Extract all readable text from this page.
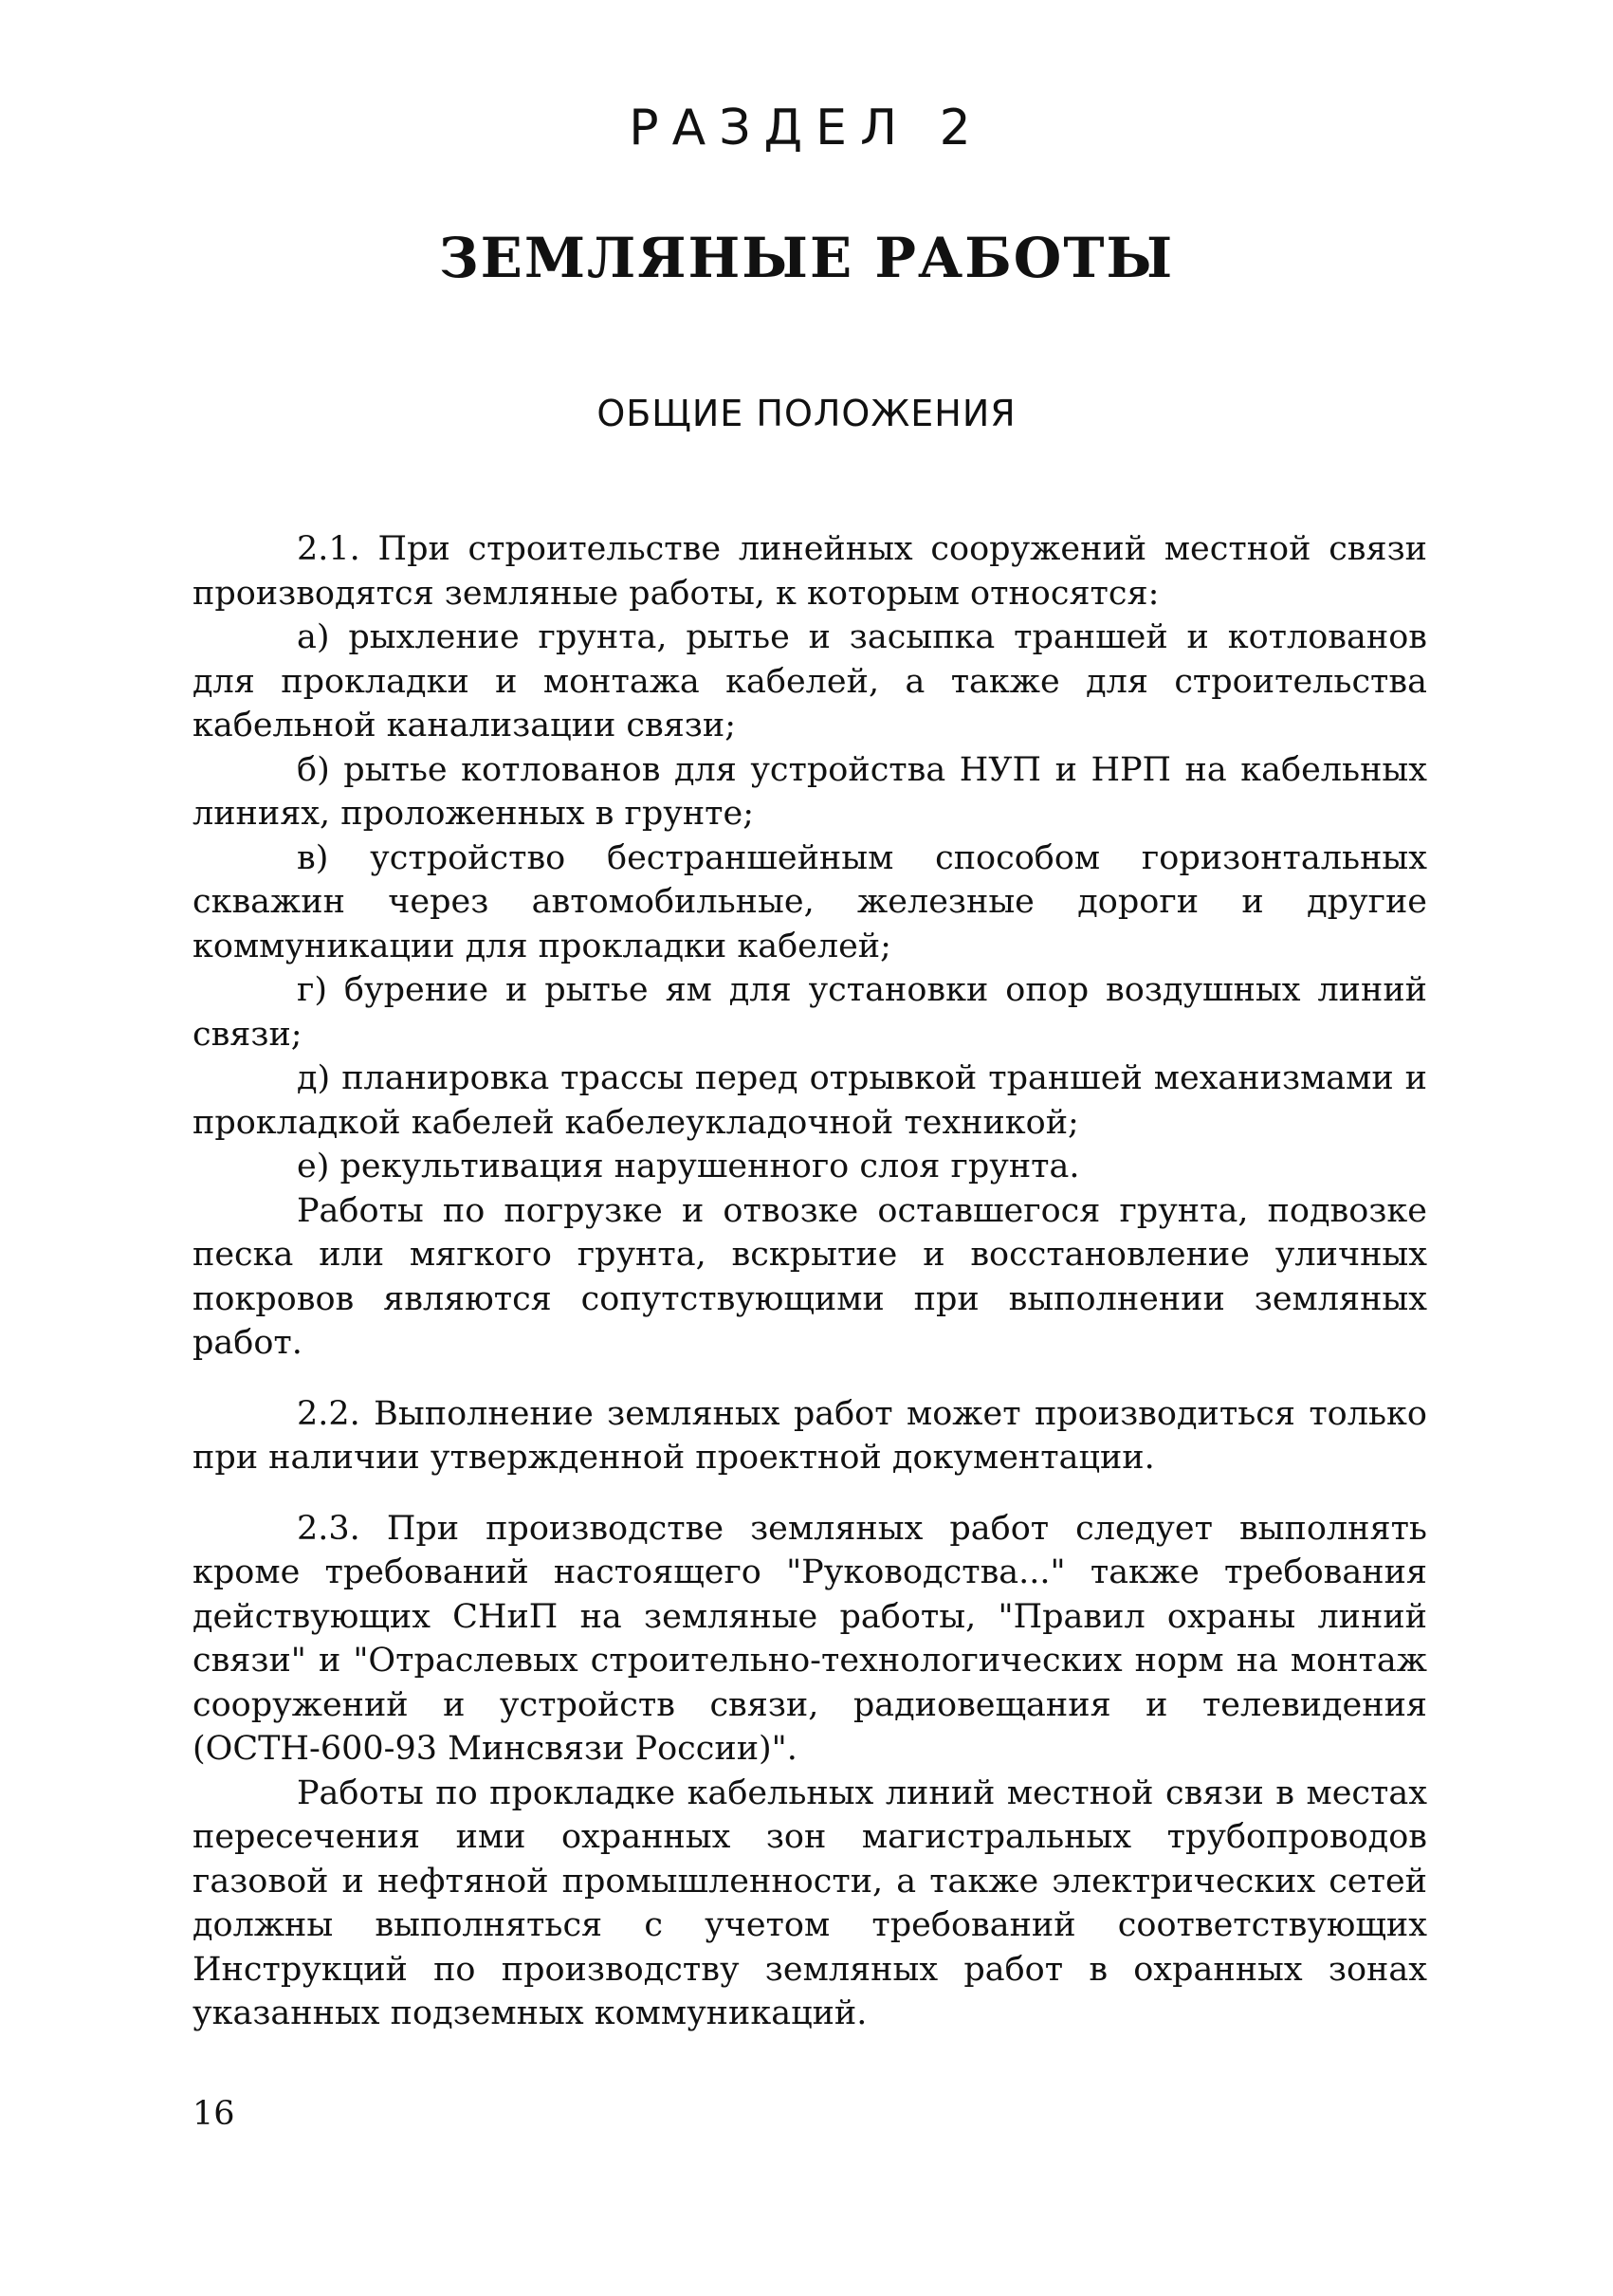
РАЗДЕЛ 2
ЗЕМЛЯНЫЕ РАБОТЫ
ОБЩИЕ ПОЛОЖЕНИЯ

2.1. При строительстве линейных сооружений местной связи производятся земляные работы, к которым относятся:

а) рыхление грунта, рытье и засыпка траншей и котлованов для прокладки и монтажа кабелей, а также для строительства кабельной канализации связи;

б) рытье котлованов для устройства НУП и НРП на кабельных линиях, проложенных в грунте;

в) устройство бестраншейным способом горизонтальных скважин через автомобильные, железные дороги и другие коммуникации для прокладки кабелей;

г) бурение и рытье ям для установки опор воздушных линий связи;

д) планировка трассы перед отрывкой траншей механизмами и прокладкой кабелей кабелеукладочной техникой;

е) рекультивация нарушенного слоя грунта.

Работы по погрузке и отвозке оставшегося грунта, подвозке песка или мягкого грунта, вскрытие и восстановление уличных покровов являются сопутствующими при выполнении земляных работ.

2.2. Выполнение земляных работ может производиться только при наличии утвержденной проектной документации.

2.3. При производстве земляных работ следует выполнять кроме требований настоящего "Руководства..." также требования действующих СНиП на земляные работы, "Правил охраны линий связи" и "Отраслевых строительно-технологических норм на монтаж сооружений и устройств связи, радиовещания и телевидения (ОСТН-600-93 Минсвязи России)".

Работы по прокладке кабельных линий местной связи в местах пересечения ими охранных зон магистральных трубопроводов газовой и нефтяной промышленности, а также электрических сетей должны выполняться с учетом требований соответствующих Инструкций по производству земляных работ в охранных зонах указанных подземных коммуникаций.

16
